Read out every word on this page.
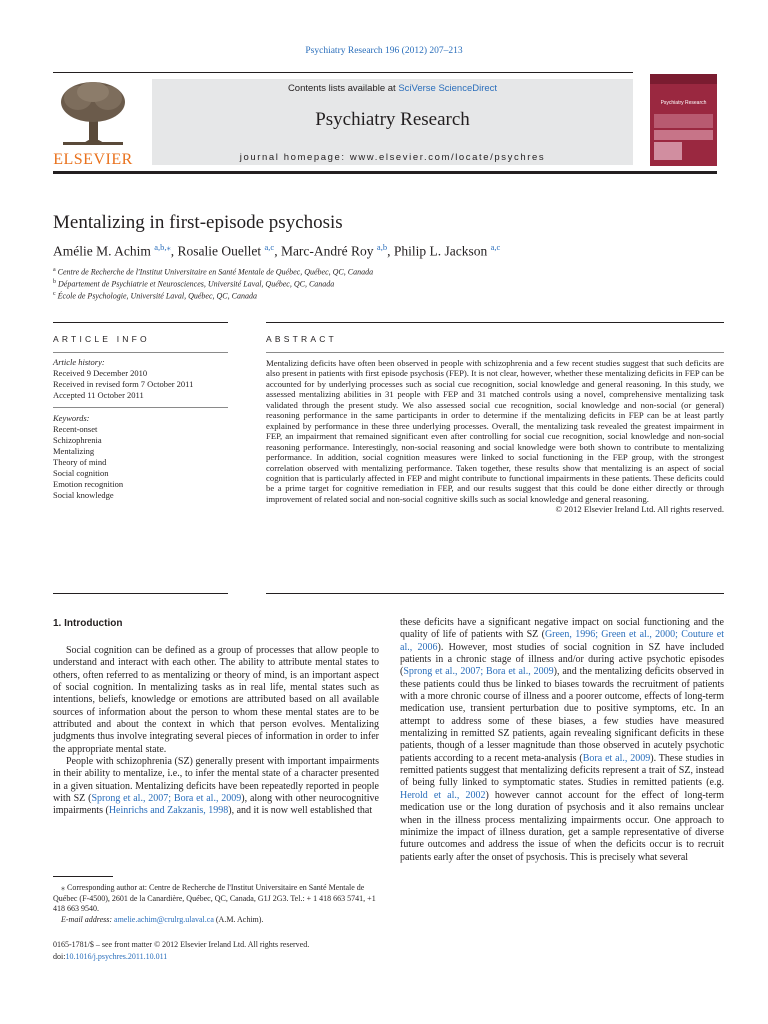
Psychiatry Research 196 (2012) 207–213
ELSEVIER
Contents lists available at SciVerse ScienceDirect
Psychiatry Research
journal homepage: www.elsevier.com/locate/psychres
Psychiatry Research
Mentalizing in first-episode psychosis
Amélie M. Achim $^{a,b,⁎}$, Rosalie Ouellet $^{a,c}$, Marc-André Roy $^{a,b}$, Philip L. Jackson $^{a,c}$
$^a$ Centre de Recherche de l'Institut Universitaire en Santé Mentale de Québec, Québec, QC, Canada
$^b$ Département de Psychiatrie et Neurosciences, Université Laval, Québec, QC, Canada
$^c$ École de Psychologie, Université Laval, Québec, QC, Canada
ARTICLE INFO
Article history:
Received 9 December 2010
Received in revised form 7 October 2011
Accepted 11 October 2011
Keywords:
Recent-onset
Schizophrenia
Mentalizing
Theory of mind
Social cognition
Emotion recognition
Social knowledge
ABSTRACT
Mentalizing deficits have often been observed in people with schizophrenia and a few recent studies suggest that such deficits are also present in patients with first episode psychosis (FEP). It is not clear, however, whether these mentalizing deficits in FEP can be accounted for by underlying processes such as social cue recognition, social knowledge and general reasoning. In this study, we assessed mentalizing abilities in 31 people with FEP and 31 matched controls using a novel, comprehensive mentalizing task validated through the present study. We also assessed social cue recognition, social knowledge and non-social (or general) reasoning performance in the same participants in order to determine if the mentalizing deficits in FEP can be at least partly explained by performance in these three underlying processes. Overall, the mentalizing task revealed the greatest impairment in FEP, an impairment that remained significant even after controlling for social cue recognition, social knowledge and non-social reasoning performance. Interestingly, non-social reasoning and social knowledge were both shown to contribute to mentalizing performance. In addition, social cognition measures were linked to social functioning in the FEP group, with the strongest correlation observed with mentalizing performance. Taken together, these results show that mentalizing is an aspect of social cognition that is particularly affected in FEP and might contribute to functional impairments in these patients. These deficits could be a prime target for cognitive remediation in FEP, and our results suggest that this could be done either directly or through improvement of related social and non-social cognitive skills such as social knowledge and general reasoning.
© 2012 Elsevier Ireland Ltd. All rights reserved.
1. Introduction

Social cognition can be defined as a group of processes that allow people to understand and interact with each other. The ability to attribute mental states to others, often referred to as mentalizing or theory of mind, is an important aspect of social cognition. In mentalizing tasks as in real life, mental states such as intentions, beliefs, knowledge or emotions are attributed based on all available sources of information about the person to whom these mental states are to be attributed and about the context in which that person evolves. Mentalizing judgments thus involve integrating several pieces of information in order to infer the appropriate mental state.

People with schizophrenia (SZ) generally present with important impairments in their ability to mentalize, i.e., to infer the mental state of a character presented in a given situation. Mentalizing deficits have been repeatedly reported in people with SZ (Sprong et al., 2007; Bora et al., 2009), along with other neurocognitive impairments (Heinrichs and Zakzanis, 1998), and it is now well established that

these deficits have a significant negative impact on social functioning and the quality of life of patients with SZ (Green, 1996; Green et al., 2000; Couture et al., 2006). However, most studies of social cognition in SZ have included patients in a chronic stage of illness and/or during active psychotic episodes (Sprong et al., 2007; Bora et al., 2009), and the mentalizing deficits observed in these patients could thus be linked to biases towards the recruitment of patients with a more chronic course of illness and a poorer outcome, effects of long-term medication use, transient perturbation due to positive symptoms, etc. In an attempt to address some of these biases, a few studies have measured mentalizing in remitted SZ patients, again revealing significant deficits in these patients, though of a lesser magnitude than those observed in acutely psychotic patients according to a recent meta-analysis (Bora et al., 2009). These studies in remitted patients suggest that mentalizing deficits represent a trait of SZ, instead of being fully linked to symptomatic states. Studies in remitted patients (e.g. Herold et al., 2002) however cannot account for the effect of long-term medication use or the long duration of psychosis and it also remains unclear when in the illness process mentalizing impairments occur. One approach to minimize the impact of illness duration, get a sample representative of diverse future outcomes and address the issue of when the deficits occur is to recruit patients early after the onset of psychosis. This is precisely what several

⁎ Corresponding author at: Centre de Recherche de l'Institut Universitaire en Santé Mentale de Québec (F-4500), 2601 de la Canardière, Québec, QC, Canada, G1J 2G3. Tel.: + 1 418 663 5741, +1 418 663 9540.

E-mail address: amelie.achim@crulrg.ulaval.ca (A.M. Achim).

0165-1781/$ – see front matter © 2012 Elsevier Ireland Ltd. All rights reserved.
doi:10.1016/j.psychres.2011.10.011
